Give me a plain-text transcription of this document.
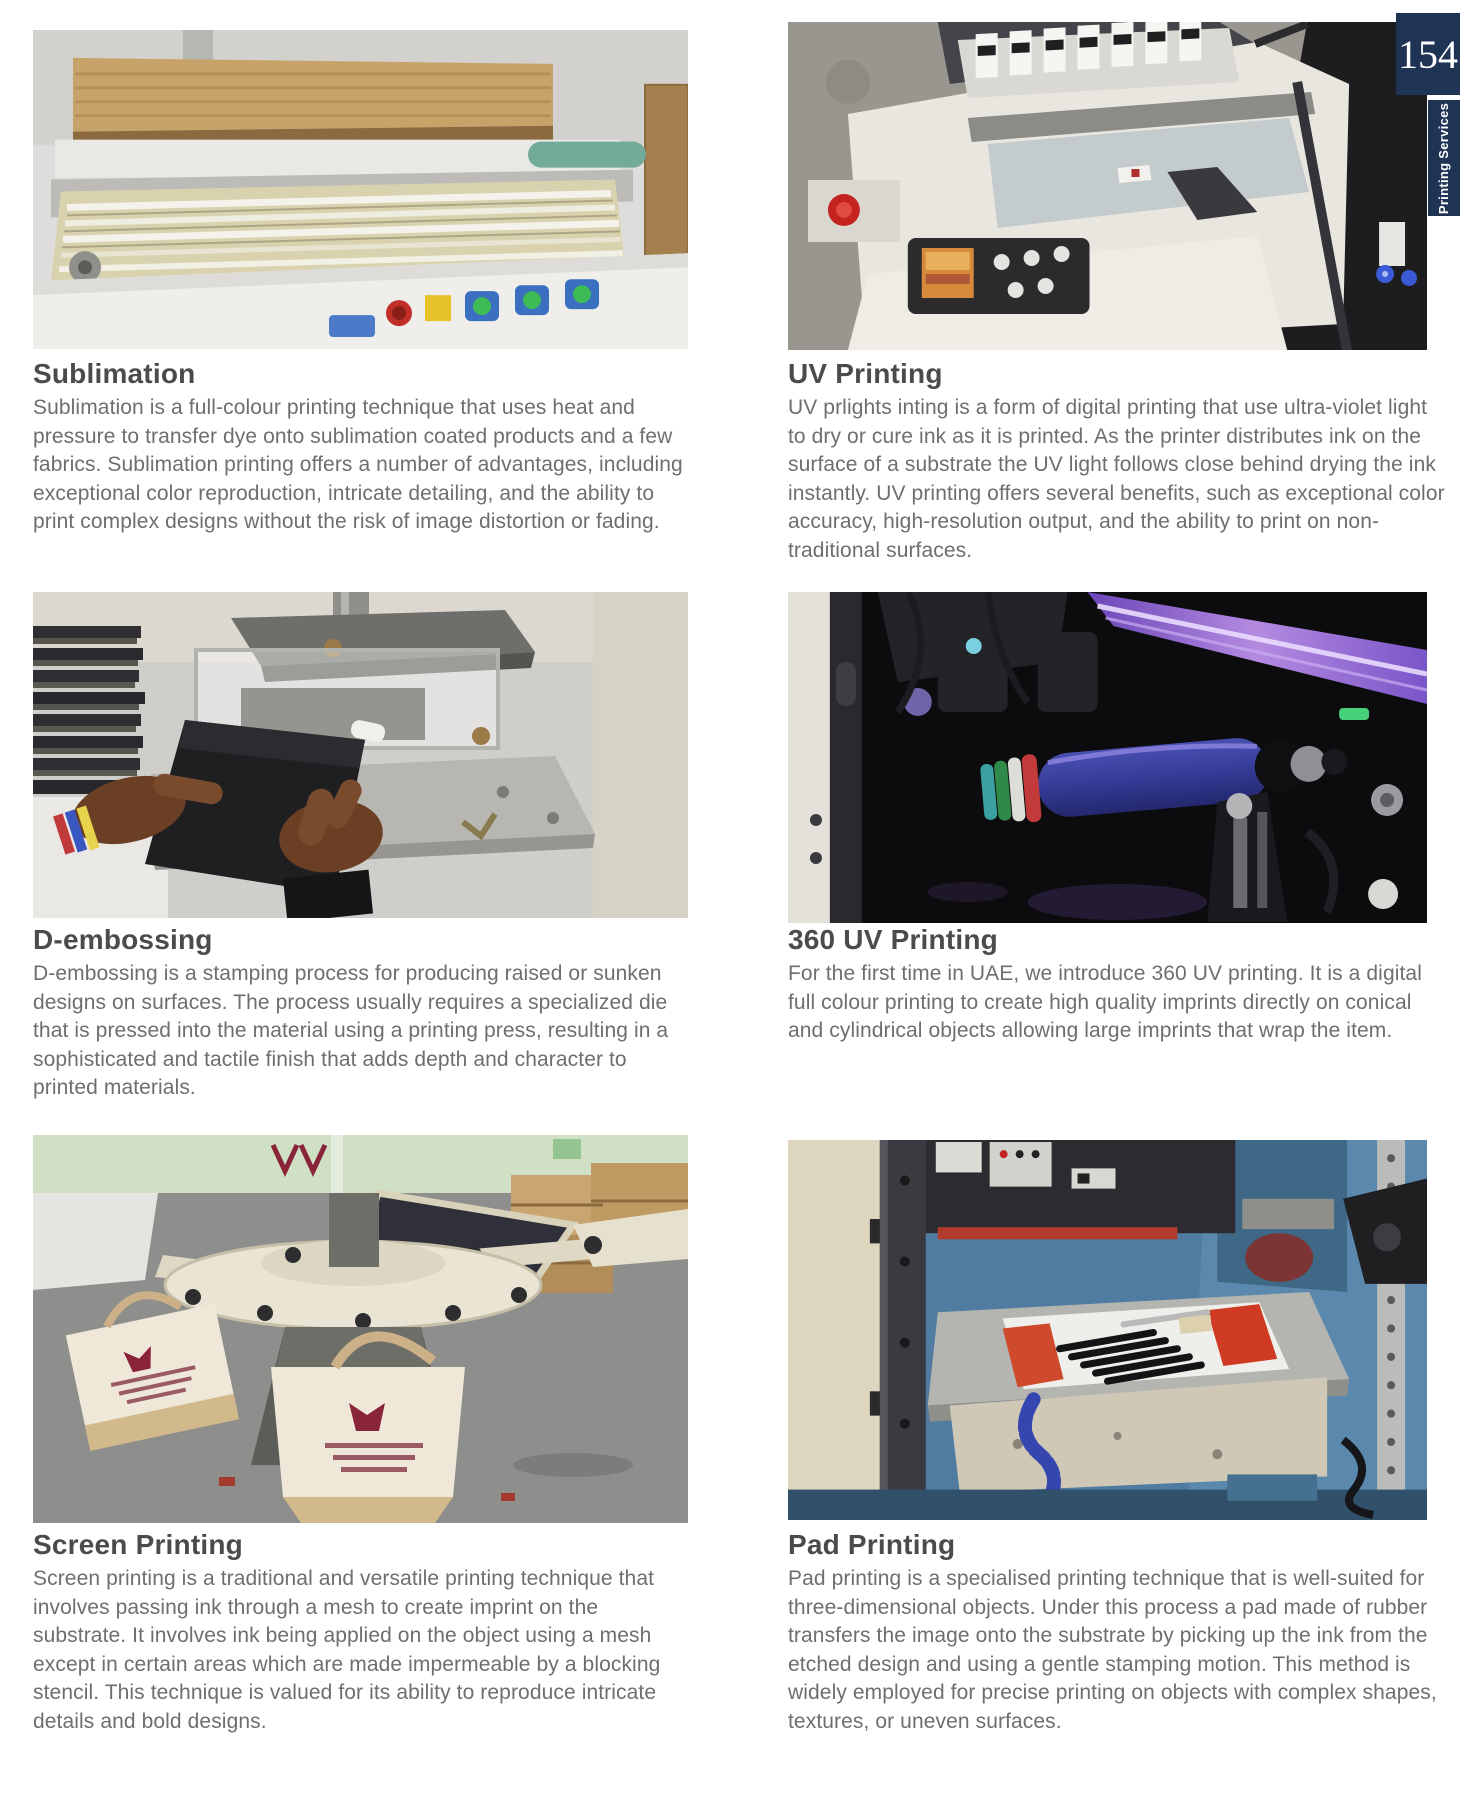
Sublimation

Sublimation is a full-colour printing technique that uses heat and pressure to transfer dye onto sublimation coated products and a few fabrics. Sublimation printing offers a number of advantages, including exceptional color reproduction, intricate detailing, and the ability to print complex designs without the risk of image distortion or fading.

UV Printing

UV prlights inting is a form of digital printing that use ultra-violet light to dry or cure ink as it is printed. As the printer distributes ink on the surface of a substrate the UV light follows close behind drying the ink instantly. UV printing offers several benefits, such as exceptional color accuracy, high-resolution output, and the ability to print on non-traditional surfaces.

D-embossing

D-embossing is a stamping process for producing raised or sunken designs on surfaces. The process usually requires a specialized die that is pressed into the material using a printing press, resulting in a sophisticated and tactile finish that adds depth and character to printed materials.

360 UV Printing

For the first time in UAE, we introduce 360 UV printing. It is a digital full colour printing to create high quality imprints directly on conical and cylindrical objects allowing large imprints that wrap the item.

Screen Printing

Screen printing is a traditional and versatile printing technique that involves passing ink through a mesh to create imprint on the substrate. It involves ink being applied on the object using a mesh except in certain areas which are made impermeable by a blocking stencil. This technique is valued for its ability to reproduce intricate details and bold designs.

Pad Printing

Pad printing is a specialised printing technique that is well-suited for three-dimensional objects. Under this process a pad made of rubber transfers the image onto the substrate by picking up the ink from the etched design and using a gentle stamping motion. This method is widely employed for precise printing on objects with complex shapes, textures, or uneven surfaces.

154
Printing Services
